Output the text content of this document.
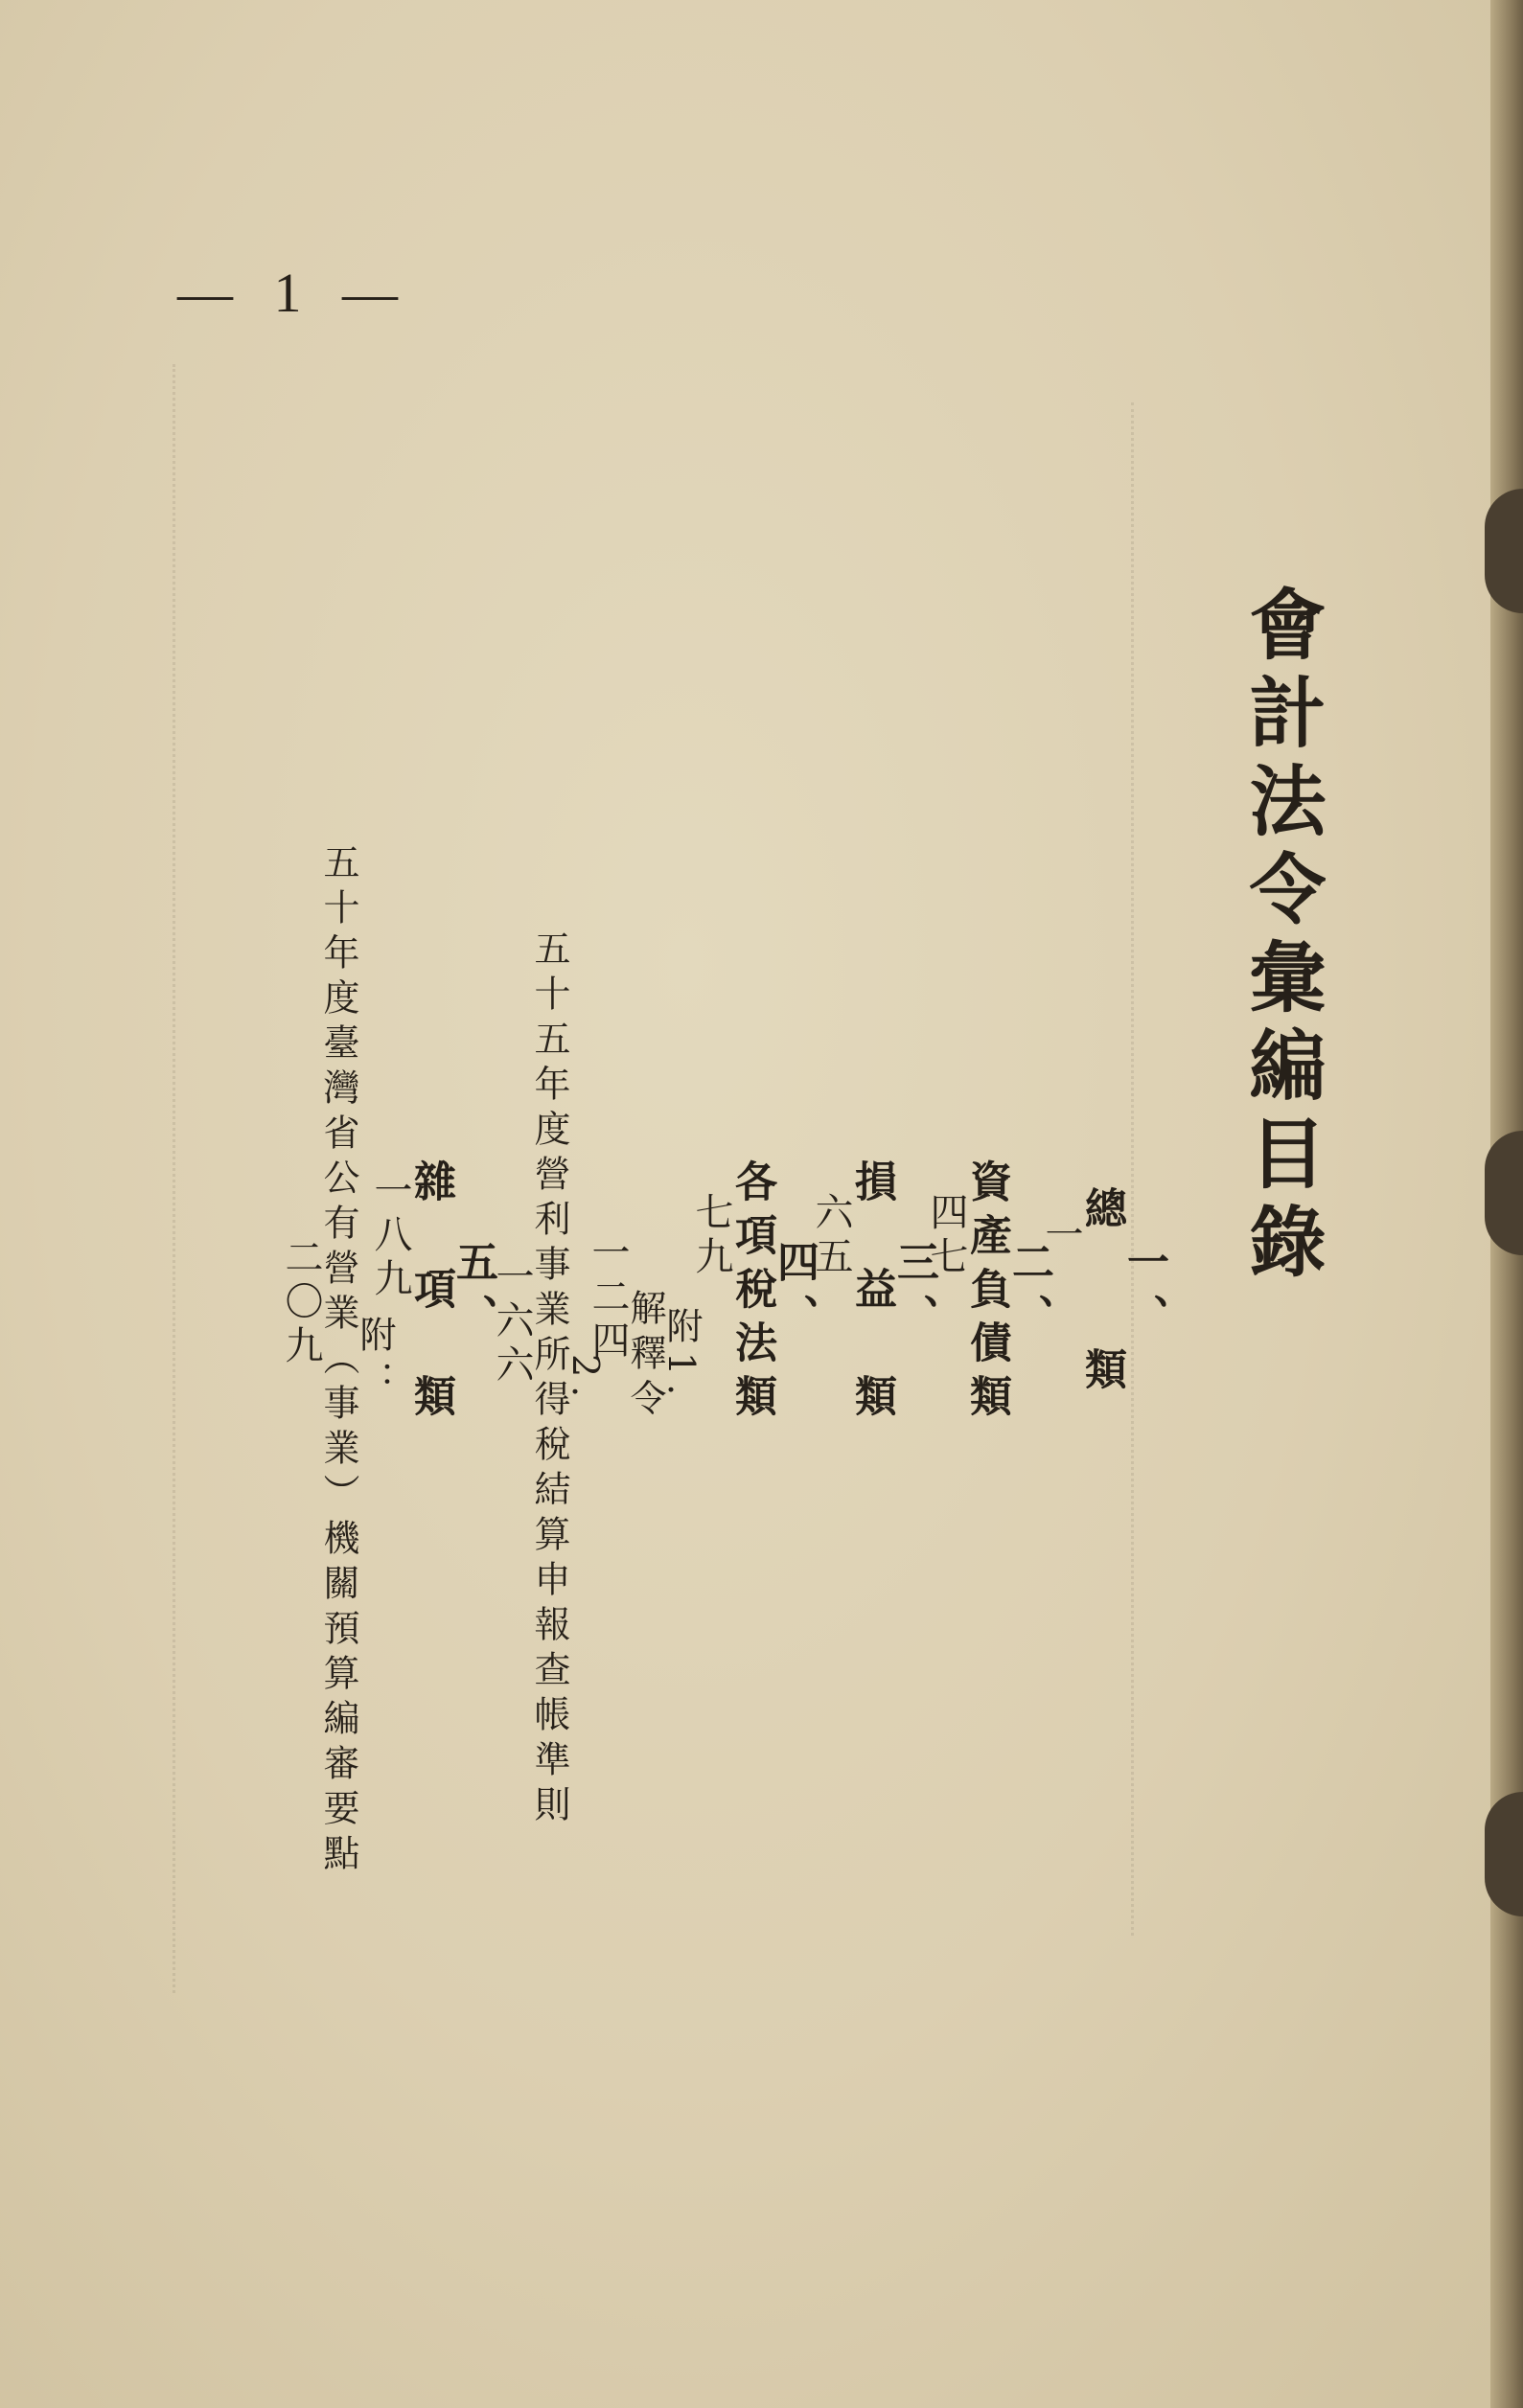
— 1 —
會計法令彙編目錄
一、
總　　類
一
二、
資產負債類
四七
三、
損　益　類
六五
四、
各項稅法類
七九
附1.
解釋令
一二四
2.
五十五年度營利事業所得稅結算申報查帳準則
一六六
五、
雜　項　類
一八九
附：
五十年度臺灣省公有營業（事業）機關預算編審要點
二〇九
